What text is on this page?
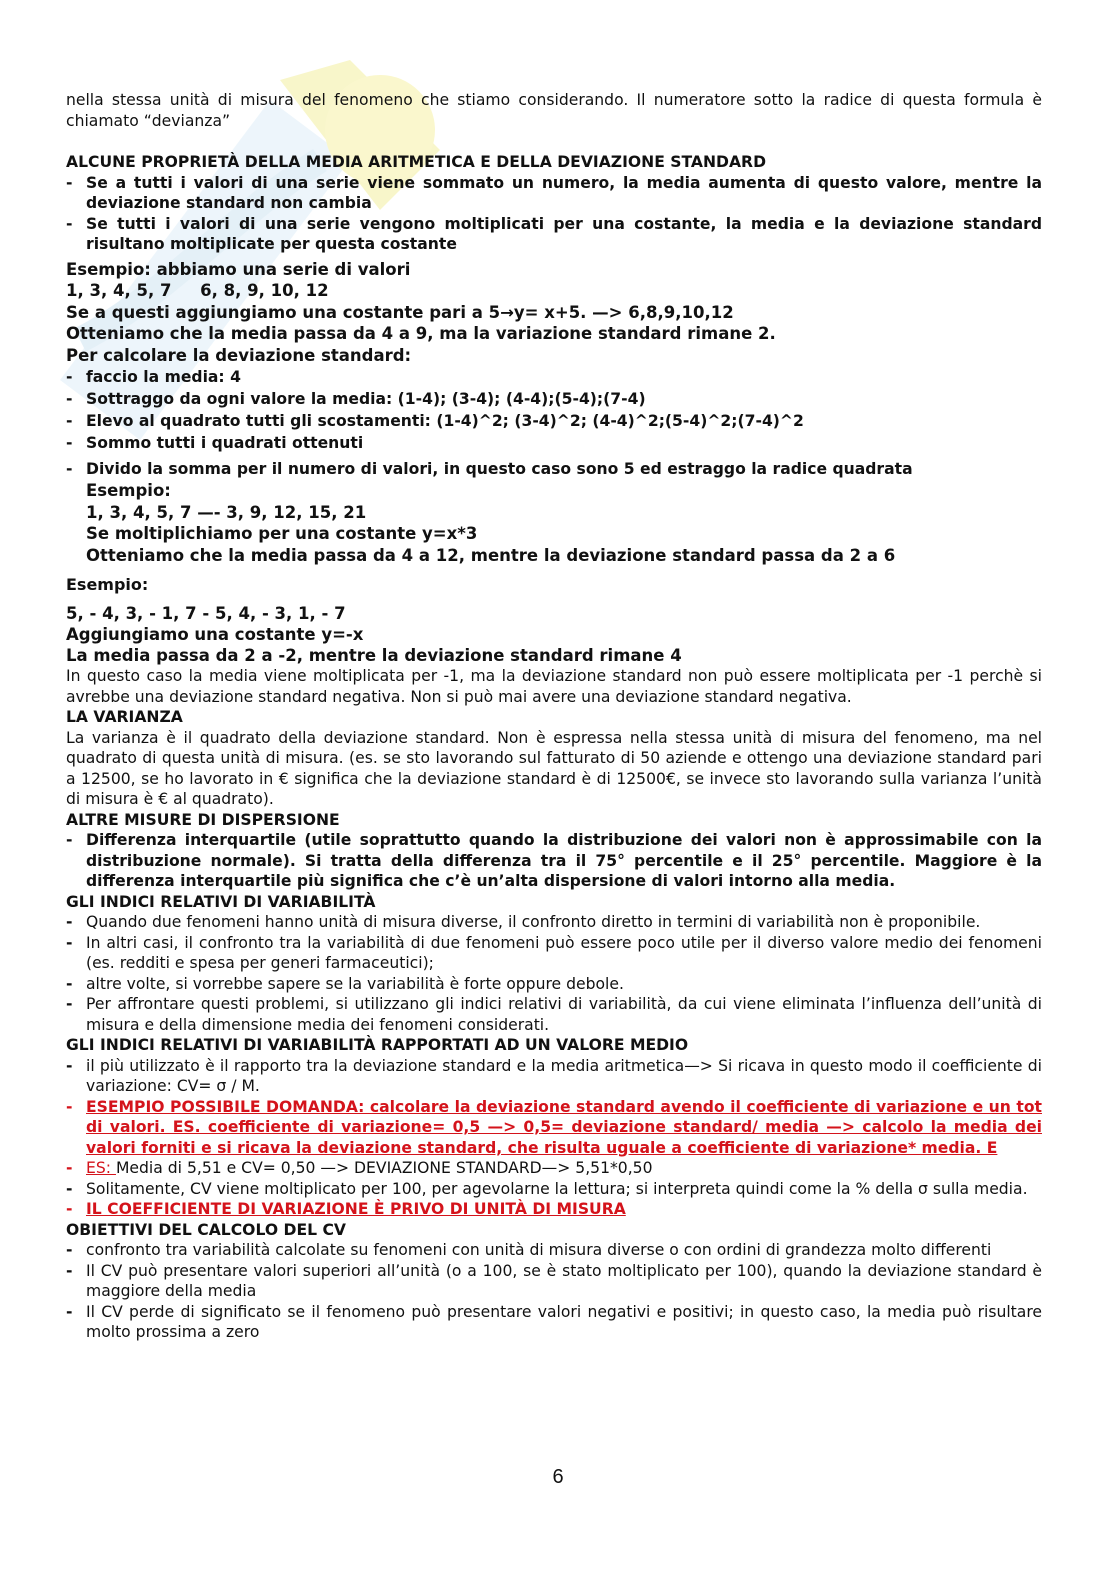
nella stessa unità di misura del fenomeno che stiamo considerando. Il numeratore sotto la radice di questa formula è chiamato “devianza”

ALCUNE PROPRIETÀ DELLA MEDIA ARITMETICA E DELLA DEVIAZIONE STANDARD

- Se a tutti i valori di una serie viene sommato un numero, la media aumenta di questo valore, mentre la deviazione standard non cambia
- Se tutti i valori di una serie vengono moltiplicati per una costante, la media e la deviazione standard risultano moltiplicate per questa costante

Esempio: abbiamo una serie di valori

1, 3, 4, 5, 7     6, 8, 9, 10, 12

Se a questi aggiungiamo una costante pari a 5→y= x+5. —> 6,8,9,10,12

Otteniamo che la media passa da 4 a 9, ma la variazione standard rimane 2.

Per calcolare la deviazione standard:

- faccio la media: 4
- Sottraggo da ogni valore la media: (1-4); (3-4); (4-4);(5-4);(7-4)
- Elevo al quadrato tutti gli scostamenti: (1-4)^2; (3-4)^2; (4-4)^2;(5-4)^2;(7-4)^2
- Sommo tutti i quadrati ottenuti
- Divido la somma per il numero di valori, in questo caso sono 5 ed estraggo la radice quadrata

Esempio:

1, 3, 4, 5, 7 —- 3, 9, 12, 15, 21

Se moltiplichiamo per una costante y=x*3

Otteniamo che la media passa da 4 a 12, mentre la deviazione standard passa da 2 a 6

Esempio:

5, - 4, 3, - 1, 7 - 5, 4, - 3, 1, - 7

Aggiungiamo una costante y=-x

La media passa da 2 a -2, mentre la deviazione standard rimane 4

In questo caso la media viene moltiplicata per -1, ma la deviazione standard non può essere moltiplicata per -1 perchè si avrebbe una deviazione standard negativa. Non si può mai avere una deviazione standard negativa.

LA VARIANZA

La varianza è il quadrato della deviazione standard. Non è espressa nella stessa unità di misura del fenomeno, ma nel quadrato di questa unità di misura. (es. se sto lavorando sul fatturato di 50 aziende e ottengo una deviazione standard pari a 12500, se ho lavorato in € significa che la deviazione standard è di 12500€, se invece sto lavorando sulla varianza l’unità di misura è € al quadrato).

ALTRE MISURE DI DISPERSIONE

- Differenza interquartile (utile soprattutto quando la distribuzione dei valori non è approssimabile con la distribuzione normale). Si tratta della differenza tra il 75° percentile e il 25° percentile. Maggiore è la differenza interquartile più significa che c’è un’alta dispersione di valori intorno alla media.

GLI INDICI RELATIVI DI VARIABILITÀ

- Quando due fenomeni hanno unità di misura diverse, il confronto diretto in termini di variabilità non è proponibile.
- In altri casi, il confronto tra la variabilità di due fenomeni può essere poco utile per il diverso valore medio dei fenomeni (es. redditi e spesa per generi farmaceutici);
- altre volte, si vorrebbe sapere se la variabilità è forte oppure debole.
- Per affrontare questi problemi, si utilizzano gli indici relativi di variabilità, da cui viene eliminata l’influenza dell’unità di misura e della dimensione media dei fenomeni considerati.

GLI INDICI RELATIVI DI VARIABILITÀ RAPPORTATI AD UN VALORE MEDIO

- il più utilizzato è il rapporto tra la deviazione standard e la media aritmetica—> Si ricava in questo modo il coefficiente di variazione: CV= σ / M.
- ESEMPIO POSSIBILE DOMANDA: calcolare la deviazione standard avendo il coefficiente di variazione e un tot di valori. ES. coefficiente di variazione= 0,5 —> 0,5= deviazione standard/ media —> calcolo la media dei valori forniti e si ricava la deviazione standard, che risulta uguale a coefficiente di variazione* media. E
- ES: Media di 5,51 e CV= 0,50 —> DEVIAZIONE STANDARD—> 5,51*0,50
- Solitamente, CV viene moltiplicato per 100, per agevolarne la lettura; si interpreta quindi come la % della σ sulla media.
- IL COEFFICIENTE DI VARIAZIONE È PRIVO DI UNITÀ DI MISURA

OBIETTIVI DEL CALCOLO DEL CV

- confronto tra variabilità calcolate su fenomeni con unità di misura diverse o con ordini di grandezza molto differenti
- Il CV può presentare valori superiori all’unità (o a 100, se è stato moltiplicato per 100), quando la deviazione standard è maggiore della media
- Il CV perde di significato se il fenomeno può presentare valori negativi e positivi; in questo caso, la media può risultare molto prossima a zero
6
